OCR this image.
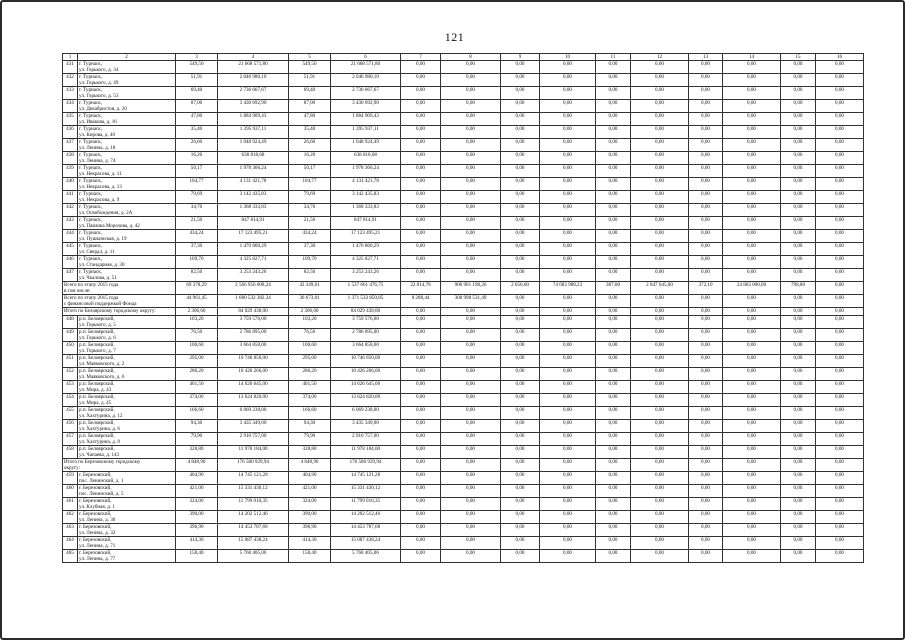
121
1	2	3	4	5	6	7	8	9	10	11	12	13	14	15	16
431	г. Турнаск,
ул. Горького, д. 34	549,50	21 668 571,80	549,50	21 668 571,80	0,00	0,00	0,00	0,00	0,00	0,00	0,00	0,00	0,00	0,00
432	г. Турнаск,
ул. Горького, д. 49	51,91	2 046 980,10	51,91	2 046 980,10	0,00	0,00	0,00	0,00	0,00	0,00	0,00	0,00	0,00	0,00
433	г. Турнаск,
ул. Горького, д. 53	69,40	2 736 667,67	69,40	2 736 667,67	0,00	0,00	0,00	0,00	0,00	0,00	0,00	0,00	0,00	0,00
434	г. Турнаск,
ул. Декабристов, д. 20	87,00	3 430 692,90	87,00	3 430 692,90	0,00	0,00	0,00	0,00	0,00	0,00	0,00	0,00	0,00	0,00
435	г. Турнаск,
ул. Ивакова, д. 16	47,80	1 884 909,43	47,80	1 884 909,43	0,00	0,00	0,00	0,00	0,00	0,00	0,00	0,00	0,00	0,00
436	г. Турнаск,
ул. Кирова, д. 40	35,40	1 395 937,11	35,40	1 395 937,11	0,00	0,00	0,00	0,00	0,00	0,00	0,00	0,00	0,00	0,00
437	г. Турнаск,
ул. Ленина, д. 18	26,60	1 048 924,49	26,60	1 048 924,49	0,00	0,00	0,00	0,00	0,00	0,00	0,00	0,00	0,00	0,00
438	г. Турнаск,
ул. Ленина, д. 74	16,20	638 818,68	16,20	638 818,68	0,00	0,00	0,00	0,00	0,00	0,00	0,00	0,00	0,00	0,00
439	г. Турнаск,
ул. Некрасова, д. 11	50,17	1 978 366,24	50,17	1 978 366,24	0,00	0,00	0,00	0,00	0,00	0,00	0,00	0,00	0,00	0,00
440	г. Турнаск,
ул. Некрасова, д. 13	104,77	4 131 421,78	104,77	4 131 421,78	0,00	0,00	0,00	0,00	0,00	0,00	0,00	0,00	0,00	0,00
441	г. Турнаск,
ул. Некрасова, д. 9	79,69	3 142 435,83	79,69	3 142 435,83	0,00	0,00	0,00	0,00	0,00	0,00	0,00	0,00	0,00	0,00
442	г. Турнаск,
ул. Освобождения, д. 2А	34,70	1 368 333,83	34,70	1 368 333,83	0,00	0,00	0,00	0,00	0,00	0,00	0,00	0,00	0,00	0,00
443	г. Турнаск,
ул. Павлика Морозова, д. 42	21,50	847 814,91	21,50	847 814,91	0,00	0,00	0,00	0,00	0,00	0,00	0,00	0,00	0,00	0,00
444	г. Турнаск,
ул. Пушкинская, д. 19	434,24	17 123 495,21	434,24	17 123 495,21	0,00	0,00	0,00	0,00	0,00	0,00	0,00	0,00	0,00	0,00
445	г. Турнаск,
ул. Свердл, д. 11	37,30	1 470 860,29	37,30	1 470 860,29	0,00	0,00	0,00	0,00	0,00	0,00	0,00	0,00	0,00	0,00
446	г. Турнаск,
ул. Стандарная, д. 30	109,70	4 325 827,71	109,70	4 325 827,71	0,00	0,00	0,00	0,00	0,00	0,00	0,00	0,00	0,00	0,00
447	г. Турнаск,
ул. Чкалова, д. 51	82,50	3 253 243,26	82,50	3 253 243,26	0,00	0,00	0,00	0,00	0,00	0,00	0,00	0,00	0,00	0,00
Всего по этапу 2015 года
в том числе:		69 378,29	2 566 956 008,24	42 349,01	1 537 661 476,75	22 814,78	906 901 198,26	2 656,60	74 683 988,23	387,00	2 847 645,00	372,10	24 863 000,00	798,80	0,00
Всего по этапу 2015 года
с финансовой поддержкой Фонда		44 961,45	1 680 532 382,34	36 673,01	1 371 533 850,85	8 288,44	308 998 531,49	0,00	0,00	0,00	0,00	0,00	0,00	0,00	0,00
Итого по Белоярскому городскому округу:		2 306,60	84 029 438,00	2 306,60	84 029 438,00	0,00	0,00	0,00	0,00	0,00	0,00	0,00	0,00	0,00	0,00
448	р.п. Белоярский,
ул. Горького, д. 5	103,20	3 759 576,00	103,20	3 759 576,00	0,00	0,00	0,00	0,00	0,00	0,00	0,00	0,00	0,00	0,00
449	р.п. Белоярский,
ул. Горького, д. 6	76,50	2 786 895,00	76,50	2 786 895,00	0,00	0,00	0,00	0,00	0,00	0,00	0,00	0,00	0,00	0,00
450	р.п. Белоярский,
ул. Горького, д. 7	100,60	3 664 858,00	100,60	3 664 858,00	0,00	0,00	0,00	0,00	0,00	0,00	0,00	0,00	0,00	0,00
451	р.п. Белоярский,
ул. Маяковского, д. 2	295,00	10 746 850,00	295,00	10 746 850,00	0,00	0,00	0,00	0,00	0,00	0,00	0,00	0,00	0,00	0,00
452	р.п. Белоярский,
ул. Маяковского, д. 6	286,20	10 426 266,00	286,20	10 426 266,00	0,00	0,00	0,00	0,00	0,00	0,00	0,00	0,00	0,00	0,00
453	р.п. Белоярский,
ул. Мира, д. 43	401,50	14 626 645,00	401,50	14 626 645,00	0,00	0,00	0,00	0,00	0,00	0,00	0,00	0,00	0,00	0,00
454	р.п. Белоярский,
ул. Мира, д. 45	374,00	13 624 820,00	374,00	13 624 820,00	0,00	0,00	0,00	0,00	0,00	0,00	0,00	0,00	0,00	0,00
455	р.п. Белоярский,
ул. Хахтурина, д. 12	166,60	6 069 238,00	166,60	6 069 238,00	0,00	0,00	0,00	0,00	0,00	0,00	0,00	0,00	0,00	0,00
456	р.п. Белоярский,
ул. Хахтурина, д. 6	94,30	3 435 349,00	94,30	3 435 349,00	0,00	0,00	0,00	0,00	0,00	0,00	0,00	0,00	0,00	0,00
457	р.п. Белоярский,
ул. Хахтурина, д. 8	79,90	2 910 757,00	79,90	2 910 757,00	0,00	0,00	0,00	0,00	0,00	0,00	0,00	0,00	0,00	0,00
458	р.п. Белоярский,
ул. Чапаева, д. 143	328,80	11 978 184,00	328,80	11 978 184,00	0,00	0,00	0,00	0,00	0,00	0,00	0,00	0,00	0,00	0,00
Итого по Березовскому городскому
округу:		4 848,90	176 580 929,94	4 848,90	176 580 929,94	0,00	0,00	0,00	0,00	0,00	0,00	0,00	0,00	0,00	0,00
459	г. Березовский,
пос. Ленинский, д. 1	404,90	14 745 121,28	404,90	14 745 121,28	0,00	0,00	0,00	0,00	0,00	0,00	0,00	0,00	0,00	0,00
460	г. Березовский,
пос. Ленинский, д. 5	421,00	15 331 430,12	421,00	15 331 430,12	0,00	0,00	0,00	0,00	0,00	0,00	0,00	0,00	0,00	0,00
461	г. Березовский,
ул. Клубная, д. 1	324,00	11 799 010,35	324,00	11 799 010,35	0,00	0,00	0,00	0,00	0,00	0,00	0,00	0,00	0,00	0,00
462	г. Березовский,
ул. Ленина, д. 30	390,00	14 202 512,46	390,00	14 202 512,46	0,00	0,00	0,00	0,00	0,00	0,00	0,00	0,00	0,00	0,00
463	г. Березовский,
ул. Ленина, д. 32	396,90	14 453 787,68	396,90	14 453 787,68	0,00	0,00	0,00	0,00	0,00	0,00	0,00	0,00	0,00	0,00
464	г. Березовский,
ул. Ленина, д. 71	414,30	15 087 438,24	414,30	15 087 438,24	0,00	0,00	0,00	0,00	0,00	0,00	0,00	0,00	0,00	0,00
465	г. Березовский,
ул. Ленина, д. 77	158,40	5 768 405,06	158,40	5 768 405,06	0,00	0,00	0,00	0,00	0,00	0,00	0,00	0,00	0,00	0,00
